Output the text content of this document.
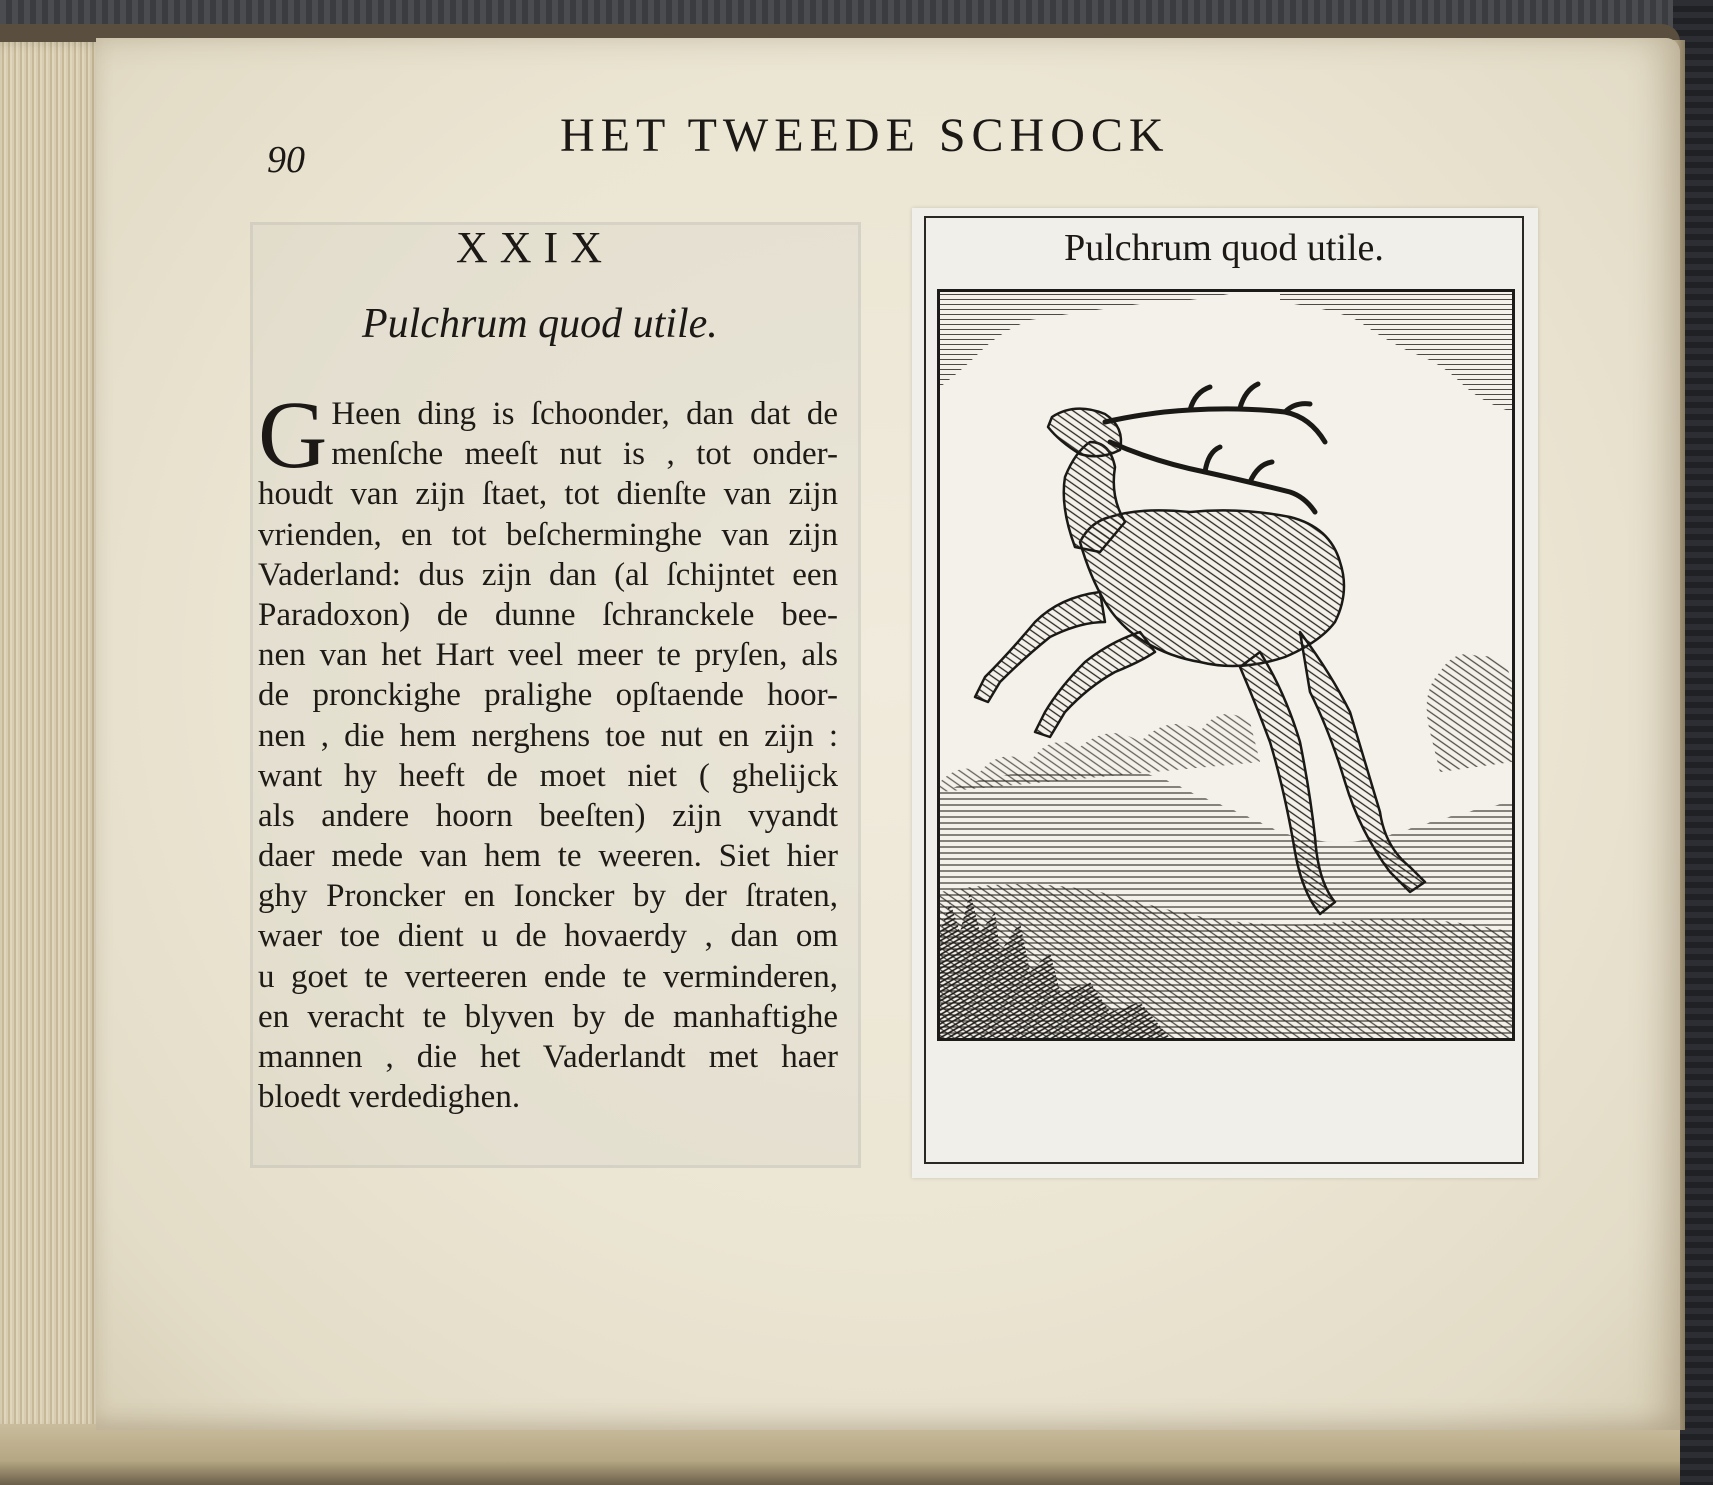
90	HET TWEEDE SCHOCK
XXIX
Pulchrum quod utile.
G Heen ding is ſchoonder, dan dat de
menſche meeſt nut is , tot onder-
houdt van zijn ſtaet, tot dienſte van zijn
vrienden, en tot beſcherminghe van zijn
Vaderland: dus zijn dan (al ſchijntet een
Paradoxon) de dunne ſchranckele bee-
nen van het Hart veel meer te pryſen, als
de pronckighe pralighe opſtaende hoor-
nen , die hem nerghens toe nut en zijn :
want hy heeft de moet niet ( ghelijck
als andere hoorn beeſten) zijn vyandt
daer mede van hem te weeren. Siet hier
ghy Proncker en Ioncker by der ſtraten,
waer toe dient u de hovaerdy , dan om
u goet te verteeren ende te verminderen,
en veracht te blyven by de manhaftighe
mannen , die het Vaderlandt met haer
bloedt verdedighen.
Pulchrum quod utile.
